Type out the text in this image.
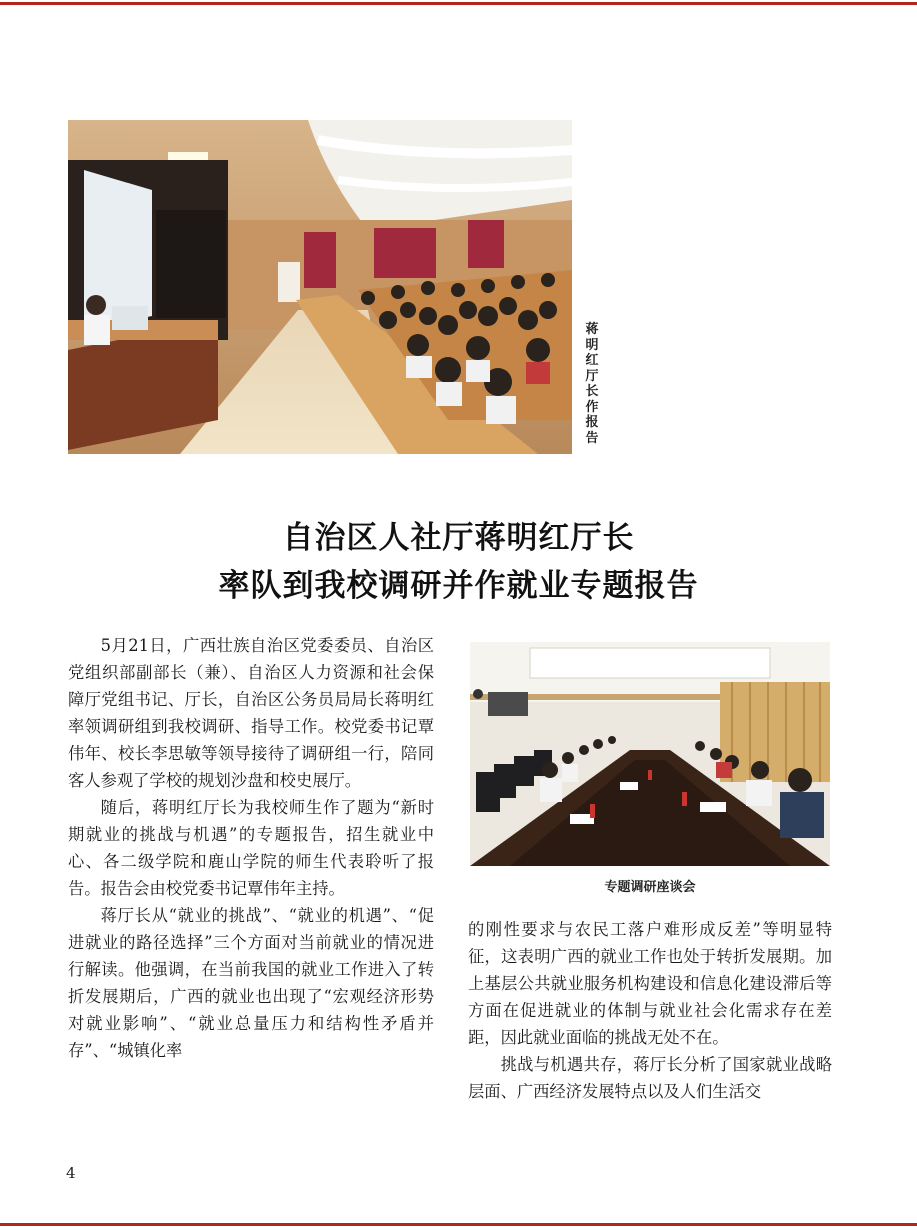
蒋明红厅长作报告
自治区人社厅蒋明红厅长
率队到我校调研并作就业专题报告

5月21日，广西壮族自治区党委委员、自治区党组织部副部长（兼）、自治区人力资源和社会保障厅党组书记、厅长，自治区公务员局局长蒋明红率领调研组到我校调研、指导工作。校党委书记覃伟年、校长李思敏等领导接待了调研组一行，陪同客人参观了学校的规划沙盘和校史展厅。

随后，蒋明红厅长为我校师生作了题为“新时期就业的挑战与机遇”的专题报告，招生就业中心、各二级学院和鹿山学院的师生代表聆听了报告。报告会由校党委书记覃伟年主持。

蒋厅长从“就业的挑战”、“就业的机遇”、“促进就业的路径选择”三个方面对当前就业的情况进行解读。他强调，在当前我国的就业工作进入了转折发展期后，广西的就业也出现了“宏观经济形势对就业影响”、“就业总量压力和结构性矛盾并存”、“城镇化率

专题调研座谈会

的刚性要求与农民工落户难形成反差”等明显特征，这表明广西的就业工作也处于转折发展期。加上基层公共就业服务机构建设和信息化建设滞后等方面在促进就业的体制与就业社会化需求存在差距，因此就业面临的挑战无处不在。

挑战与机遇共存，蒋厅长分析了国家就业战略层面、广西经济发展特点以及人们生活交

4
